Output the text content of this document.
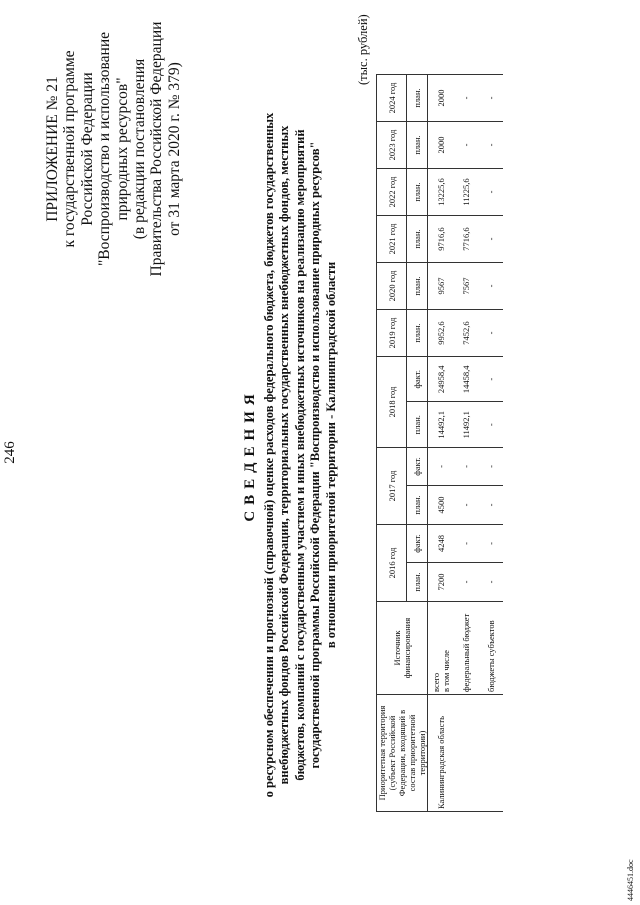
246
ПРИЛОЖЕНИЕ № 21 к государственной программе Российской Федерации "Воспроизводство и использование природных ресурсов" (в редакции постановления Правительства Российской Федерации от 31 марта 2020 г. № 379)
СВЕДЕНИЯ о ресурсном обеспечении и прогнозной (справочной) оценке расходов федерального бюджета, бюджетов государственных внебюджетных фондов Российской Федерации, территориальных государственных внебюджетных фондов, местных бюджетов, компаний с государственным участием и иных внебюджетных источников на реализацию мероприятий государственной программы Российской Федерации "Воспроизводство и использование природных ресурсов" в отношении приоритетной территории - Калининградской области
(тыс. рублей)
Приоритетная территория (субъект Российской Федерации, входящий в состав приоритетной территории)	Источник финансирования	2016 год		2017 год		2018 год		2019 год	2020 год	2021 год	2022 год	2023 год	2024 год
		план.	факт.	план.	факт.	план.	факт.	план.	план.	план.	план.	план.	план.
Калининградская область	всего в том числе	7200	4248	4500	-	14492,1	24958,4	9952,6	9567	9716,6	13225,6	2000	2000
	федеральный бюджет	-	-	-	-	11492,1	14458,4	7452,6	7567	7716,6	11225,6	-	-
	бюджеты субъектов	-	-	-	-	-	-	-	-	-	-	-	-
4446451.doc
